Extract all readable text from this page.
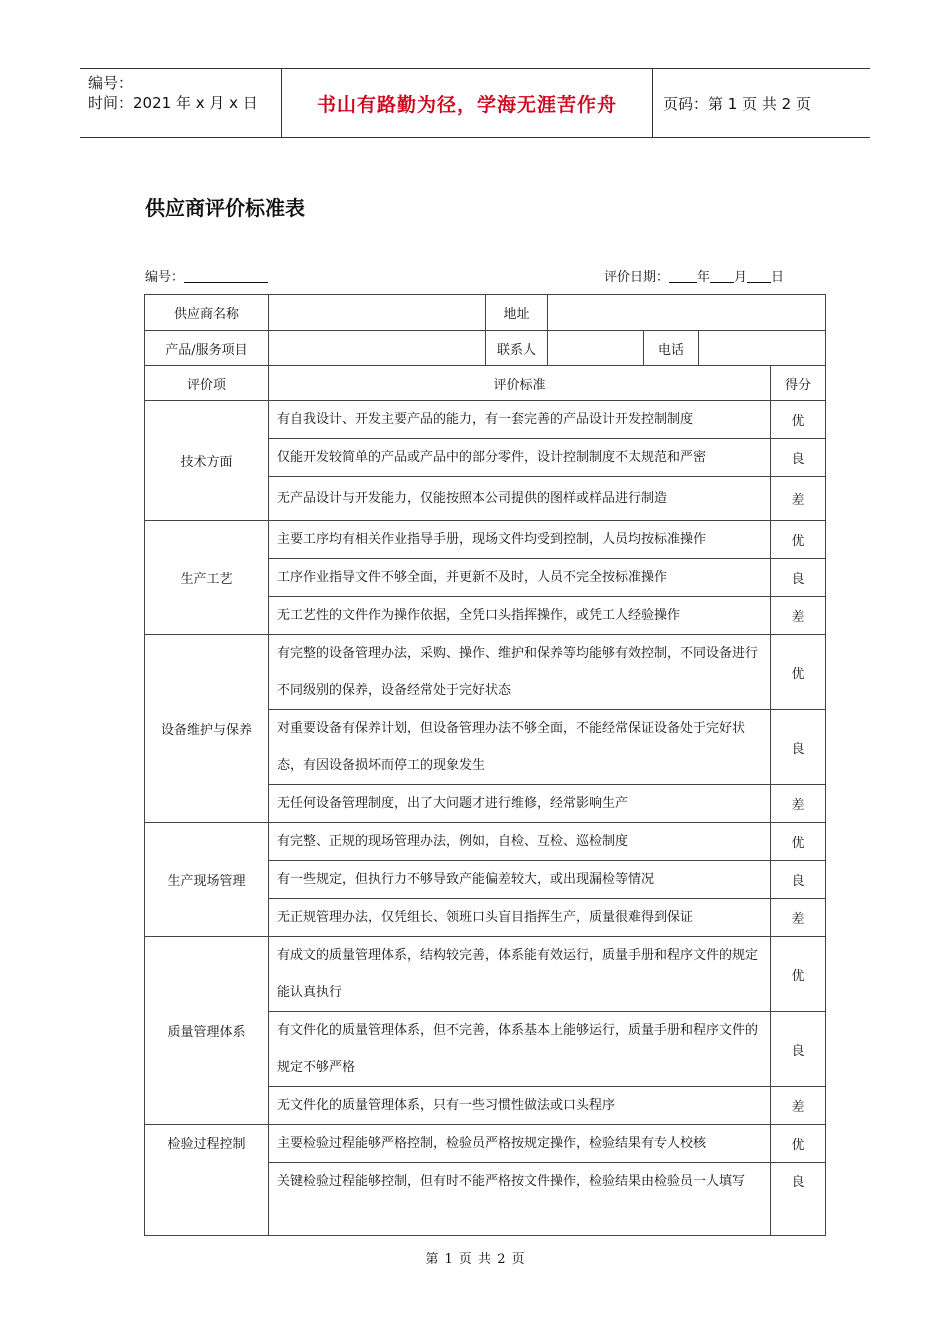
编号：
时间：2021 年 x 月 x 日	书山有路勤为径，学海无涯苦作舟	页码：第 1 页 共 2 页
供应商评价标准表
编号：	评价日期： 年 月 日
供应商名称		地址				
产品/服务项目		联系人		电话		
评价项	评价标准					得分
技术方面	有自我设计、开发主要产品的能力，有一套完善的产品设计开发控制制度					优
	仅能开发较简单的产品或产品中的部分零件，设计控制制度不太规范和严密					良
	无产品设计与开发能力，仅能按照本公司提供的图样或样品进行制造					差
生产工艺	主要工序均有相关作业指导手册，现场文件均受到控制，人员均按标准操作					优
	工序作业指导文件不够全面，并更新不及时，人员不完全按标准操作					良
	无工艺性的文件作为操作依据，全凭口头指挥操作，或凭工人经验操作					差
设备维护与保养	有完整的设备管理办法，采购、操作、维护和保养等均能够有效控制，不同设备进行不同级别的保养，设备经常处于完好状态					优
	对重要设备有保养计划，但设备管理办法不够全面，不能经常保证设备处于完好状态，有因设备损坏而停工的现象发生					良
	无任何设备管理制度，出了大问题才进行维修，经常影响生产					差
生产现场管理	有完整、正规的现场管理办法，例如，自检、互检、巡检制度					优
	有一些规定，但执行力不够导致产能偏差较大，或出现漏检等情况					良
	无正规管理办法，仅凭组长、领班口头盲目指挥生产，质量很难得到保证					差
质量管理体系	有成文的质量管理体系，结构较完善，体系能有效运行，质量手册和程序文件的规定能认真执行					优
	有文件化的质量管理体系，但不完善，体系基本上能够运行，质量手册和程序文件的规定不够严格					良
	无文件化的质量管理体系，只有一些习惯性做法或口头程序					差
检验过程控制	主要检验过程能够严格控制，检验员严格按规定操作，检验结果有专人校核					优
	关键检验过程能够控制，但有时不能严格按文件操作，检验结果由检验员一人填写					良
第 1 页 共 2 页
